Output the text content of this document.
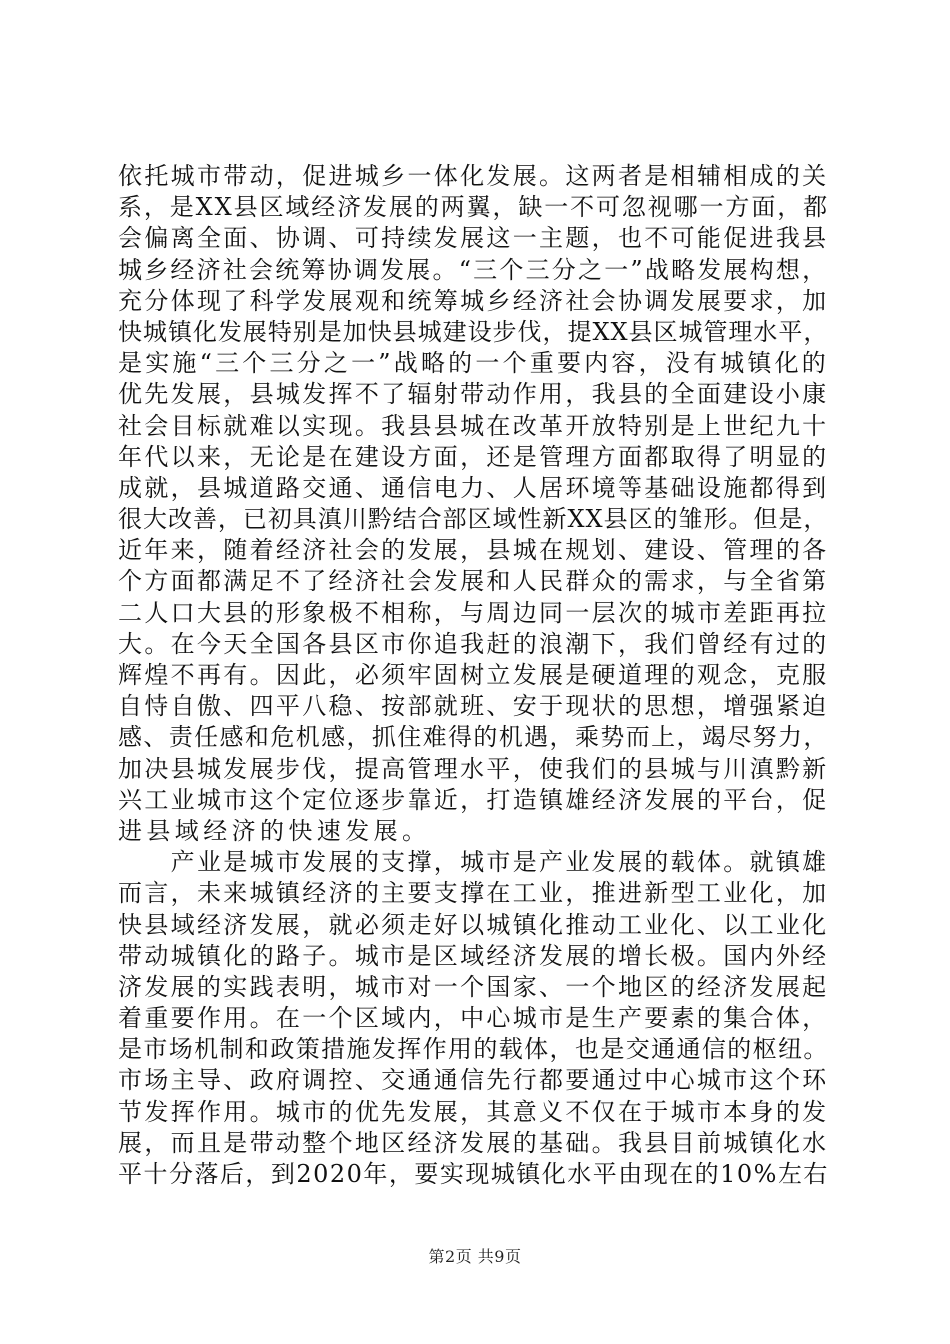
依托城市带动，促进城乡一体化发展。这两者是相辅相成的关
系，是XX县区域经济发展的两翼，缺一不可忽视哪一方面，都
会偏离全面、协调、可持续发展这一主题，也不可能促进我县
城乡经济社会统筹协调发展。“三个三分之一”战略发展构想，
充分体现了科学发展观和统筹城乡经济社会协调发展要求，加
快城镇化发展特别是加快县城建设步伐，提XX县区城管理水平，
是实施“三个三分之一”战略的一个重要内容，没有城镇化的
优先发展，县城发挥不了辐射带动作用，我县的全面建设小康
社会目标就难以实现。我县县城在改革开放特别是上世纪九十
年代以来，无论是在建设方面，还是管理方面都取得了明显的
成就，县城道路交通、通信电力、人居环境等基础设施都得到
很大改善，已初具滇川黔结合部区域性新XX县区的雏形。但是，
近年来，随着经济社会的发展，县城在规划、建设、管理的各
个方面都满足不了经济社会发展和人民群众的需求，与全省第
二人口大县的形象极不相称，与周边同一层次的城市差距再拉
大。在今天全国各县区市你追我赶的浪潮下，我们曾经有过的
辉煌不再有。因此，必须牢固树立发展是硬道理的观念，克服
自恃自傲、四平八稳、按部就班、安于现状的思想，增强紧迫
感、责任感和危机感，抓住难得的机遇，乘势而上，竭尽努力，
加决县城发展步伐，提高管理水平，使我们的县城与川滇黔新
兴工业城市这个定位逐步靠近，打造镇雄经济发展的平台，促
进县域经济的快速发展。
　　产业是城市发展的支撑，城市是产业发展的载体。就镇雄
而言，未来城镇经济的主要支撑在工业，推进新型工业化，加
快县域经济发展，就必须走好以城镇化推动工业化、以工业化
带动城镇化的路子。城市是区域经济发展的增长极。国内外经
济发展的实践表明，城市对一个国家、一个地区的经济发展起
着重要作用。在一个区域内，中心城市是生产要素的集合体，
是市场机制和政策措施发挥作用的载体，也是交通通信的枢纽。
市场主导、政府调控、交通通信先行都要通过中心城市这个环
节发挥作用。城市的优先发展，其意义不仅在于城市本身的发
展，而且是带动整个地区经济发展的基础。我县目前城镇化水
平十分落后，到2020年，要实现城镇化水平由现在的10%左右
第2页 共9页
